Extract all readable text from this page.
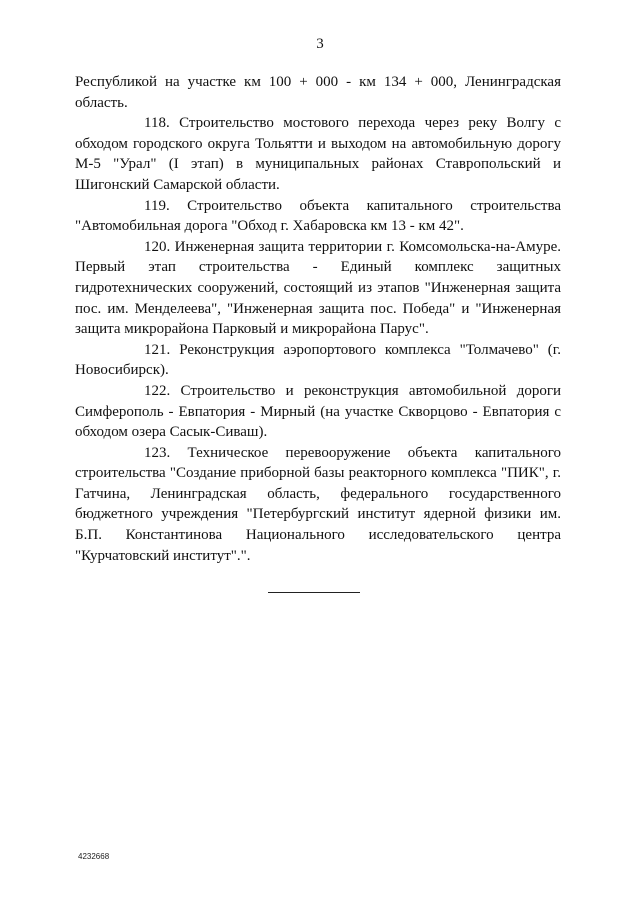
3

Республикой на участке км 100 + 000 - км 134 + 000, Ленинградская область.

118. Строительство мостового перехода через реку Волгу с обходом городского округа Тольятти и выходом на автомобильную дорогу М-5 "Урал" (I этап) в муниципальных районах Ставропольский и Шигонский Самарской области.

119. Строительство объекта капитального строительства "Автомобильная дорога "Обход г. Хабаровска км 13 - км 42".

120. Инженерная защита территории г. Комсомольска-на-Амуре. Первый этап строительства - Единый комплекс защитных гидротехнических сооружений, состоящий из этапов "Инженерная защита пос. им. Менделеева", "Инженерная защита пос. Победа" и "Инженерная защита микрорайона Парковый и микрорайона Парус".

121. Реконструкция аэропортового комплекса "Толмачево" (г. Новосибирск).

122. Строительство и реконструкция автомобильной дороги Симферополь - Евпатория - Мирный (на участке Скворцово - Евпатория с обходом озера Сасык-Сиваш).

123. Техническое перевооружение объекта капитального строительства "Создание приборной базы реакторного комплекса "ПИК", г. Гатчина, Ленинградская область, федерального государственного бюджетного учреждения "Петербургский институт ядерной физики им. Б.П. Константинова Национального исследовательского центра "Курчатовский институт".".

4232668
